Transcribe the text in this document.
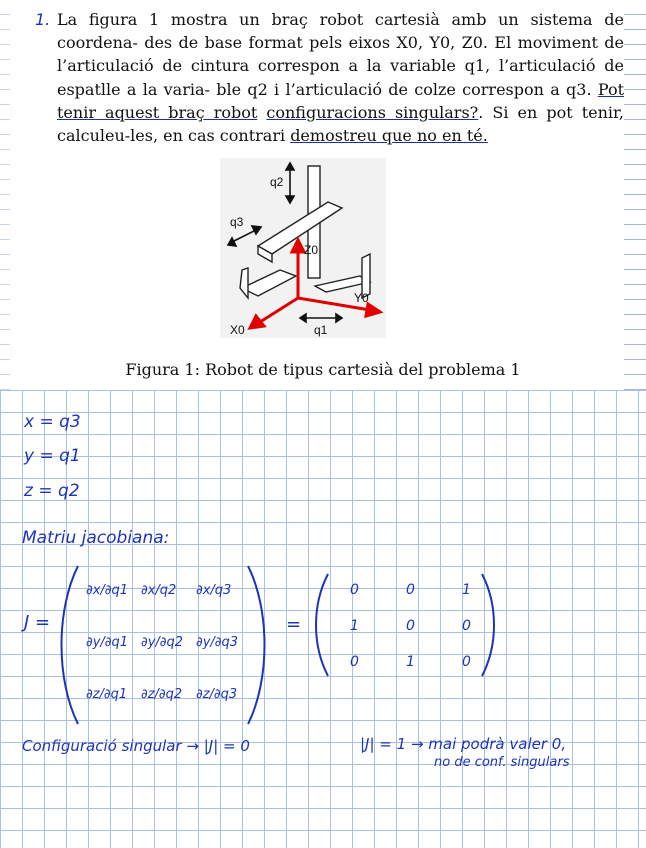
1. La figura 1 mostra un braç robot cartesià amb un sistema de coordena- des de base format pels eixos X0, Y0, Z0. El moviment de l’articulació de cintura correspon a la variable q1, l’articulació de espatlle a la varia- ble q2 i l’articulació de colze correspon a q3. Pot tenir aquest braç robot configuracions singulars?. Si en pot tenir, calculeu-les, en cas contrari demostreu que no en té.

q2
q3
Z0
Y0
X0	q1
Figura 1: Robot de tipus cartesià del problema 1
x = q3
y = q1
z = q2
Matriu jacobiana:
J =
∂x/∂q1 ∂x/q2 ∂x/q3
∂y/∂q1 ∂y/∂q2 ∂y/∂q3
∂z/∂q1 ∂z/∂q2 ∂z/∂q3
=
0	0	1
1	0	0
0	1	0
Configuració singular → |J| = 0	|J| = 1 → mai podrà valer 0,
no de conf. singulars
